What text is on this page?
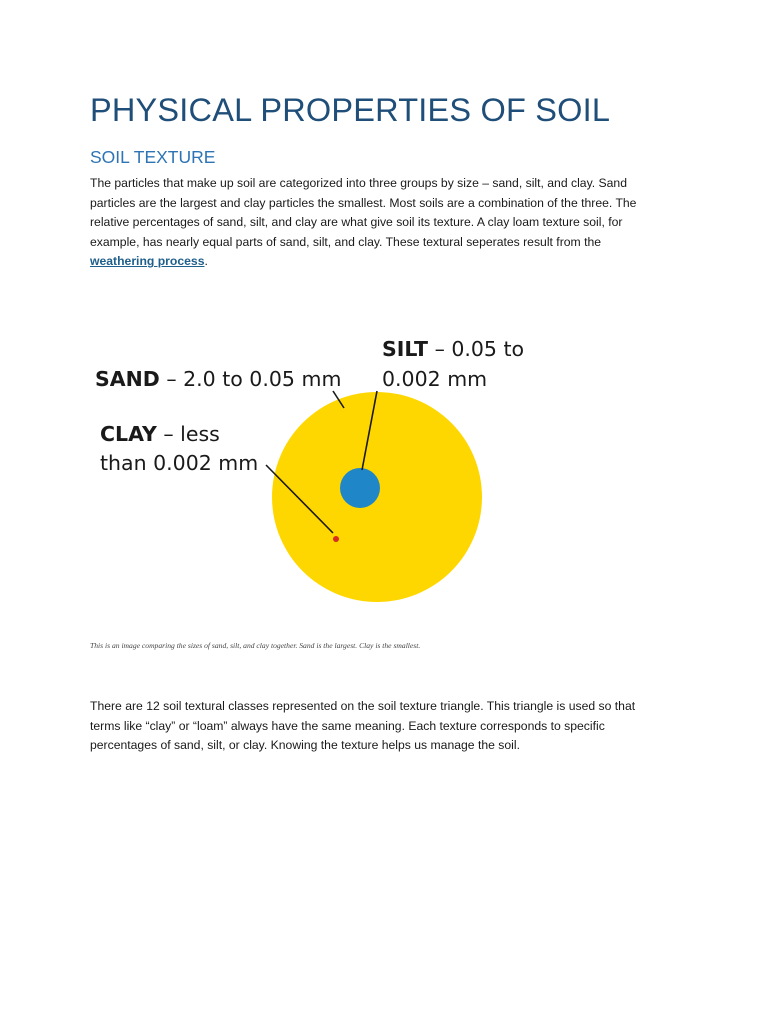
PHYSICAL PROPERTIES OF SOIL
SOIL TEXTURE

The particles that make up soil are categorized into three groups by size – sand, silt, and clay. Sand particles are the largest and clay particles the smallest. Most soils are a combination of the three. The relative percentages of sand, silt, and clay are what give soil its texture. A clay loam texture soil, for example, has nearly equal parts of sand, silt, and clay. These textural seperates result from the weathering process.

SAND – 2.0 to 0.05 mm
SILT – 0.05 to
0.002 mm
CLAY – less
than 0.002 mm

This is an image comparing the sizes of sand, silt, and clay together. Sand is the largest. Clay is the smallest.

There are 12 soil textural classes represented on the soil texture triangle. This triangle is used so that terms like “clay” or “loam” always have the same meaning. Each texture corresponds to specific percentages of sand, silt, or clay. Knowing the texture helps us manage the soil.
